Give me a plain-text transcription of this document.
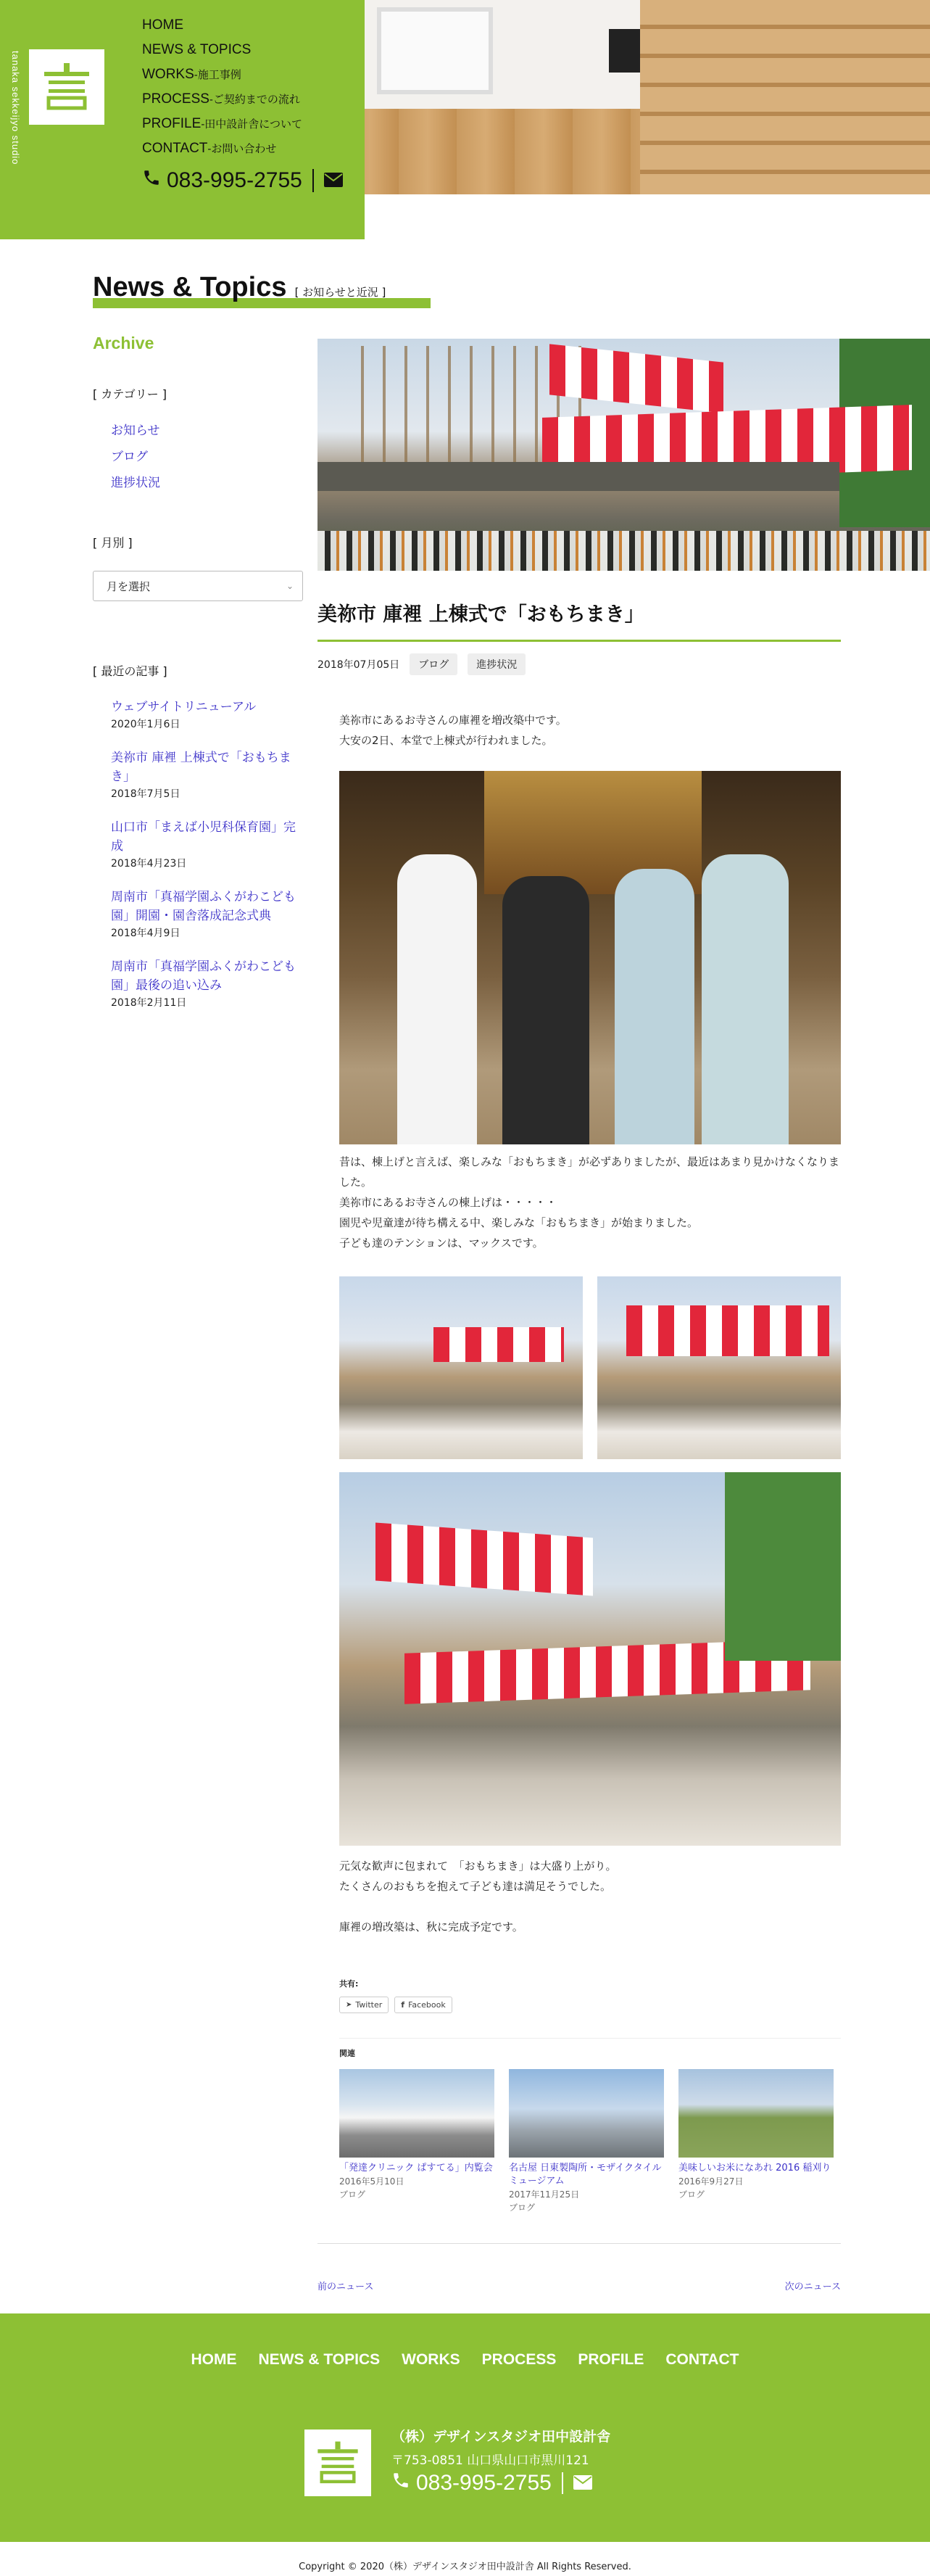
tanaka sekkeijyo studio
HOME
NEWS & TOPICS
WORKS-施工事例
PROCESS-ご契約までの流れ
PROFILE-田中設計舎について
CONTACT-お問い合わせ
083-995-2755
News & Topics [ お知らせと近況 ]
Archive
[ カテゴリー ]
お知らせ
ブログ
進捗状況
[ 月別 ]
月を選択	⌄
[ 最近の記事 ]
ウェブサイトリニューアル
2020年1月6日
美祢市 庫裡 上棟式で「おもちまき」
2018年7月5日
山口市「まえば小児科保育園」完成
2018年4月23日
周南市「真福学園ふくがわこども園」開園・園舎落成記念式典
2018年4月9日
周南市「真福学園ふくがわこども園」最後の追い込み
2018年2月11日
美祢市 庫裡 上棟式で「おもちまき」
2018年07月05日	ブログ	進捗状況
美祢市にあるお寺さんの庫裡を増改築中です。
大安の2日、本堂で上棟式が行われました。
昔は、棟上げと言えば、楽しみな「おもちまき」が必ずありましたが、最近はあまり見かけなくなりました。
美祢市にあるお寺さんの棟上げは・・・・・
園児や児童達が待ち構える中、楽しみな「おもちまき」が始まりました。
子ども達のテンションは、マックスです。
元気な歓声に包まれて　「おもちまき」は大盛り上がり。
たくさんのおもちを抱えて子ども達は満足そうでした。
庫裡の増改築は、秋に完成予定です。
共有:
➤ Twitter f Facebook
関連
「発達クリニック ぱすてる」内覧会
2016年5月10日
ブログ
名古屋 日東製陶所・モザイクタイルミュージアム
2017年11月25日
ブログ
美味しいお米になあれ 2016 稲刈り
2016年9月27日
ブログ
前のニュース	次のニュース
HOME NEWS & TOPICS WORKS PROCESS PROFILE CONTACT
（株）デザインスタジオ田中設計舎
〒753-0851 山口県山口市黒川121
083-995-2755
Copyright © 2020（株）デザインスタジオ田中設計舎 All Rights Reserved.
